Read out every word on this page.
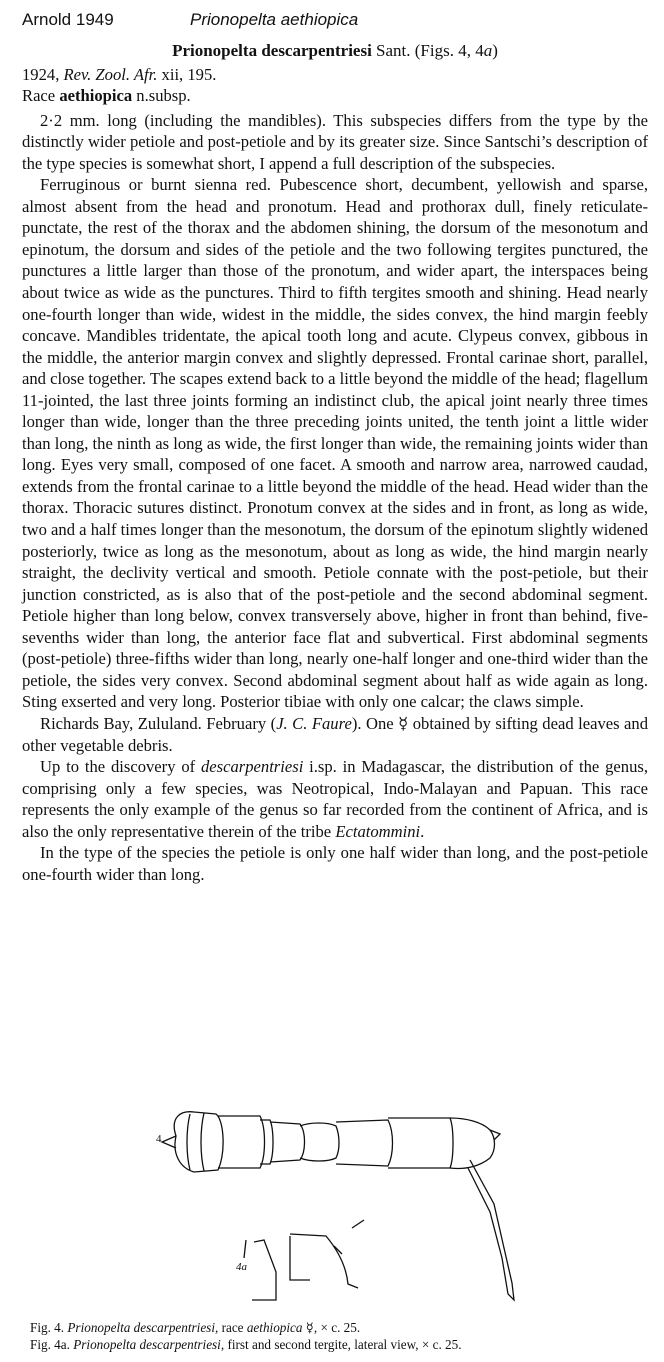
Arnold 1949	Prionopelta aethiopica
Prionopelta descarpentriesi Sant. (Figs. 4, 4a)
1924, Rev. Zool. Afr. xii, 195.
Race aethiopica n.subsp.

2·2 mm. long (including the mandibles). This subspecies differs from the type by the distinctly wider petiole and post-petiole and by its greater size. Since Santschi’s description of the type species is somewhat short, I append a full description of the subspecies.

Ferruginous or burnt sienna red. Pubescence short, decumbent, yellowish and sparse, almost absent from the head and pronotum. Head and prothorax dull, finely reticulate-punctate, the rest of the thorax and the abdomen shining, the dorsum of the mesonotum and epinotum, the dorsum and sides of the petiole and the two following tergites punctured, the punctures a little larger than those of the pronotum, and wider apart, the interspaces being about twice as wide as the punctures. Third to fifth tergites smooth and shining. Head nearly one-fourth longer than wide, widest in the middle, the sides convex, the hind margin feebly concave. Mandibles tridentate, the apical tooth long and acute. Clypeus convex, gibbous in the middle, the anterior margin convex and slightly depressed. Frontal carinae short, parallel, and close together. The scapes extend back to a little beyond the middle of the head; flagellum 11-jointed, the last three joints forming an indistinct club, the apical joint nearly three times longer than wide, longer than the three preceding joints united, the tenth joint a little wider than long, the ninth as long as wide, the first longer than wide, the remaining joints wider than long. Eyes very small, composed of one facet. A smooth and narrow area, narrowed caudad, extends from the frontal carinae to a little beyond the middle of the head. Head wider than the thorax. Thoracic sutures distinct. Pronotum convex at the sides and in front, as long as wide, two and a half times longer than the mesonotum, the dorsum of the epinotum slightly widened posteriorly, twice as long as the mesonotum, about as long as wide, the hind margin nearly straight, the declivity vertical and smooth. Petiole connate with the post-petiole, but their junction constricted, as is also that of the post-petiole and the second abdominal segment. Petiole higher than long below, convex transversely above, higher in front than behind, five-sevenths wider than long, the anterior face flat and subvertical. First abdominal segments (post-petiole) three-fifths wider than long, nearly one-half longer and one-third wider than the petiole, the sides very convex. Second abdominal segment about half as wide again as long. Sting exserted and very long. Posterior tibiae with only one calcar; the claws simple.

Richards Bay, Zululand. February (J. C. Faure). One ☿ obtained by sifting dead leaves and other vegetable debris.

Up to the discovery of descarpentriesi i.sp. in Madagascar, the distribution of the genus, comprising only a few species, was Neotropical, Indo-Malayan and Papuan. This race represents the only example of the genus so far recorded from the continent of Africa, and is also the only representative therein of the tribe Ectatommini.

In the type of the species the petiole is only one half wider than long, and the post-petiole one-fourth wider than long.

4
4a
Fig. 4. Prionopelta descarpentriesi, race aethiopica ☿, × c. 25.
Fig. 4a. Prionopelta descarpentriesi, first and second tergite, lateral view, × c. 25.
